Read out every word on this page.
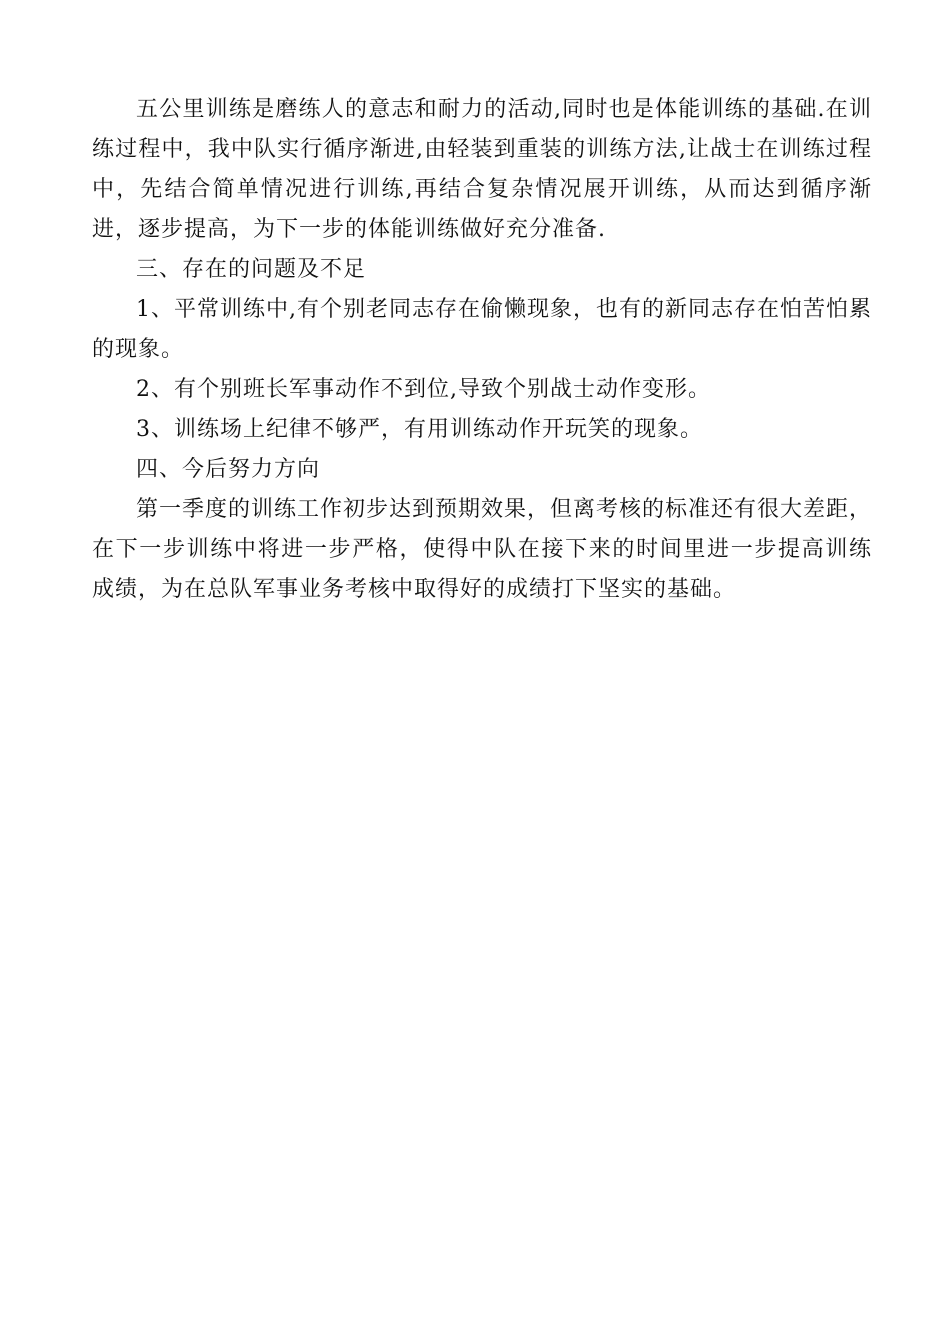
五公里训练是磨练人的意志和耐力的活动,同时也是体能训练的基础.在训练过程中，我中队实行循序渐进,由轻装到重装的训练方法,让战士在训练过程中，先结合简单情况进行训练,再结合复杂情况展开训练，从而达到循序渐进，逐步提高，为下一步的体能训练做好充分准备.

三、存在的问题及不足

1、平常训练中,有个别老同志存在偷懒现象，也有的新同志存在怕苦怕累的现象。

2、有个别班长军事动作不到位,导致个别战士动作变形。

3、训练场上纪律不够严，有用训练动作开玩笑的现象。

四、今后努力方向

第一季度的训练工作初步达到预期效果，但离考核的标准还有很大差距，在下一步训练中将进一步严格，使得中队在接下来的时间里进一步提高训练成绩，为在总队军事业务考核中取得好的成绩打下坚实的基础。
